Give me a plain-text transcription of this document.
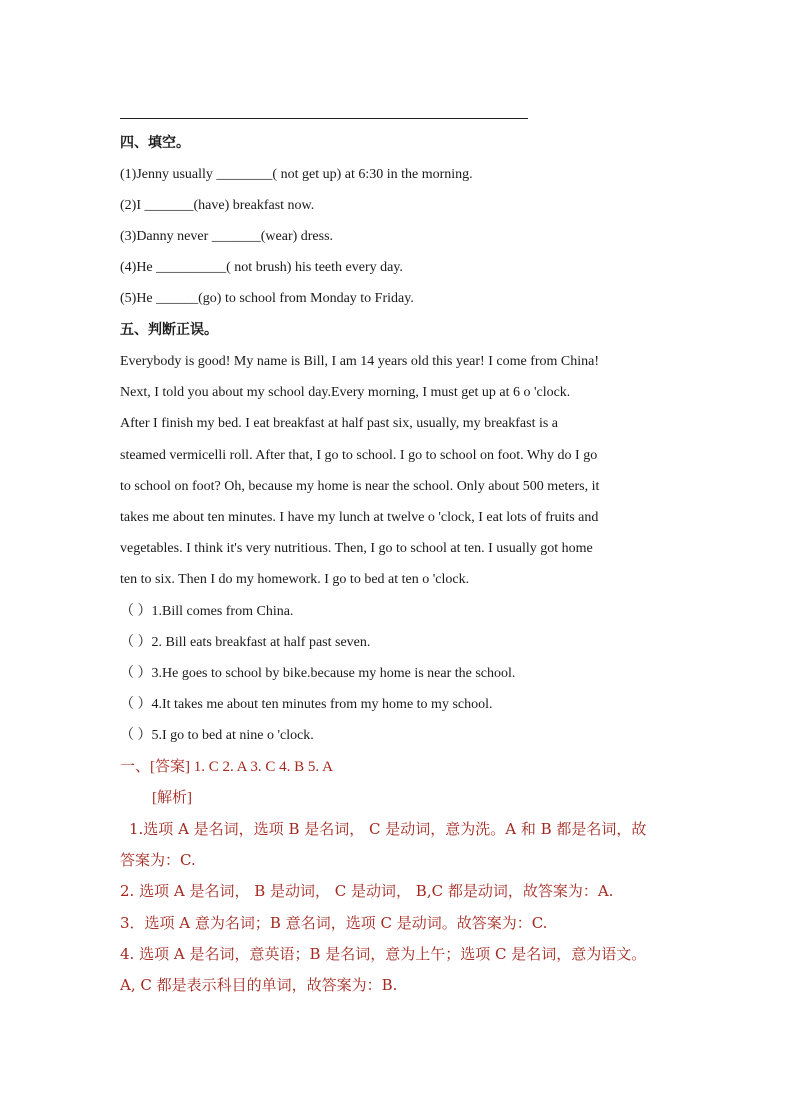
四、填空。
(1)Jenny usually ________( not get up) at 6:30 in the morning.
(2)I _______(have) breakfast now.
(3)Danny never _______(wear) dress.
(4)He __________( not brush) his teeth every day.
(5)He ______(go) to school from Monday to Friday.
五、判断正误。
Everybody is good! My name is Bill, I am 14 years old this year! I come from China!
Next, I told you about my school day.Every morning, I must get up at 6 o 'clock.
After I finish my bed. I eat breakfast at half past six, usually, my breakfast is a
steamed vermicelli roll. After that, I go to school. I go to school on foot. Why do I go
to school on foot? Oh, because my home is near the school. Only about 500 meters, it
takes me about ten minutes. I have my lunch at twelve o 'clock, I eat lots of fruits and
vegetables. I think it's very nutritious. Then, I go to school at ten. I usually got home
ten to six. Then I do my homework. I go to bed at ten o 'clock.
（ ）1.Bill comes from China.
（ ）2. Bill eats breakfast at half past seven.
（ ）3.He goes to school by bike.because my home is near the school.
（ ）4.It takes me about ten minutes from my home to my school.
（ ）5.I go to bed at nine o 'clock.
一、[答案] 1. C 2. A 3. C 4. B 5. A
[解析]
1.选项 A 是名词，选项 B 是名词， C 是动词，意为洗。A 和 B 都是名词，故
答案为：C.
2. 选项 A 是名词， B 是动词， C 是动词， B,C 都是动词，故答案为：A.
3．选项 A 意为名词；B 意名词，选项 C 是动词。故答案为：C.
4. 选项 A 是名词，意英语；B 是名词，意为上午；选项 C 是名词，意为语文。
A, C 都是表示科目的单词，故答案为：B.
